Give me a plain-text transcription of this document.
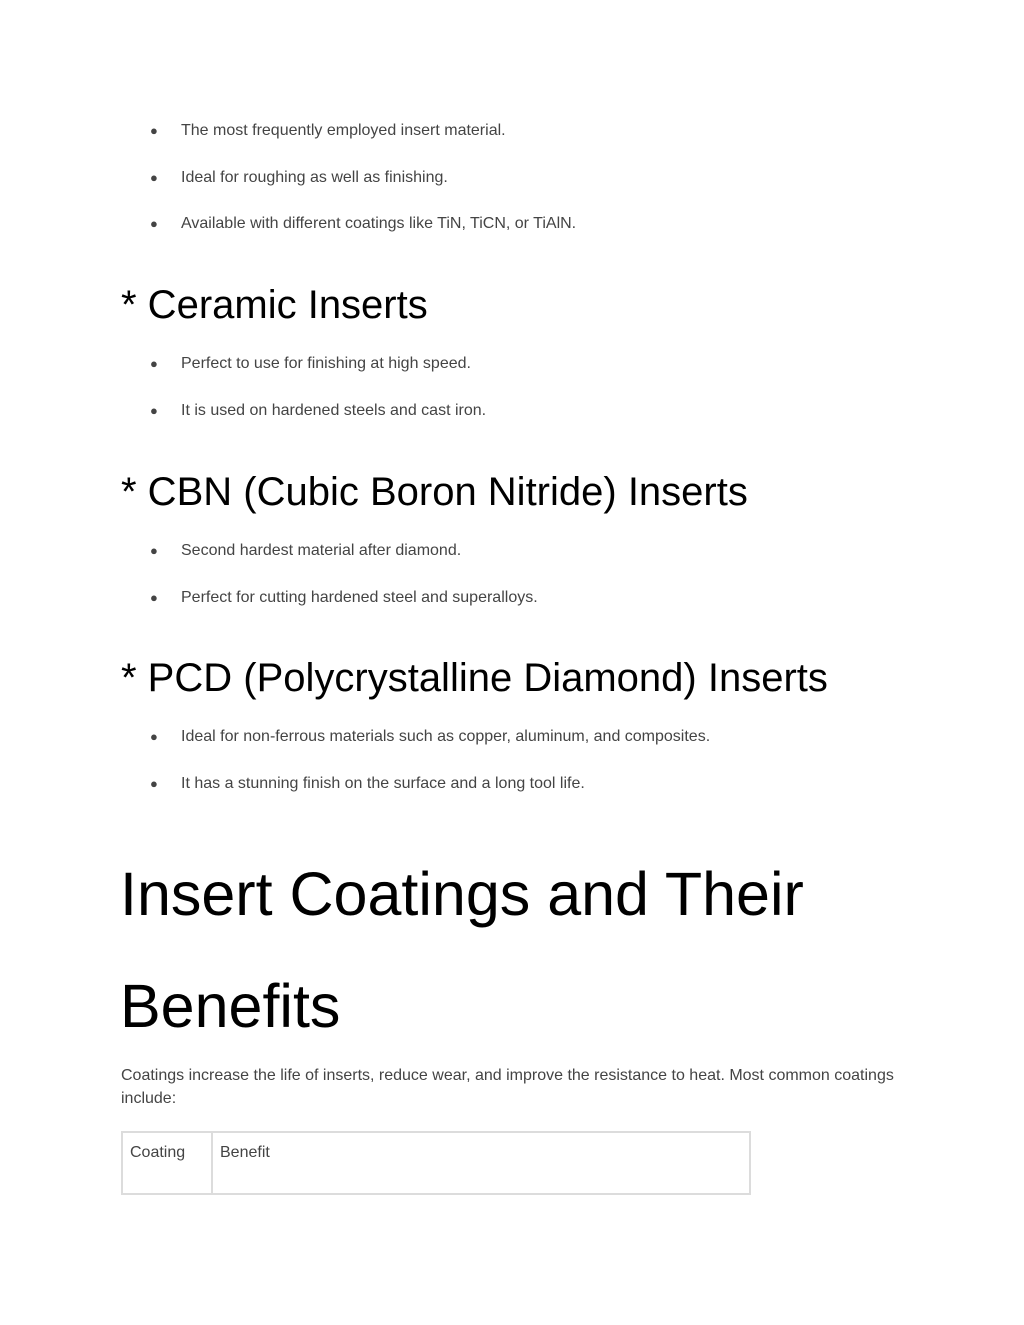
● The most frequently employed insert material.
● Ideal for roughing as well as finishing.
● Available with different coatings like TiN, TiCN, or TiAlN.
* Ceramic Inserts
● Perfect to use for finishing at high speed.
● It is used on hardened steels and cast iron.
* CBN (Cubic Boron Nitride) Inserts
● Second hardest material after diamond.
● Perfect for cutting hardened steel and superalloys.
* PCD (Polycrystalline Diamond) Inserts
● Ideal for non-ferrous materials such as copper, aluminum, and composites.
● It has a stunning finish on the surface and a long tool life.
Insert Coatings and Their Benefits

Coatings increase the life of inserts, reduce wear, and improve the resistance to heat. Most common coatings include:

Coating	Benefit
